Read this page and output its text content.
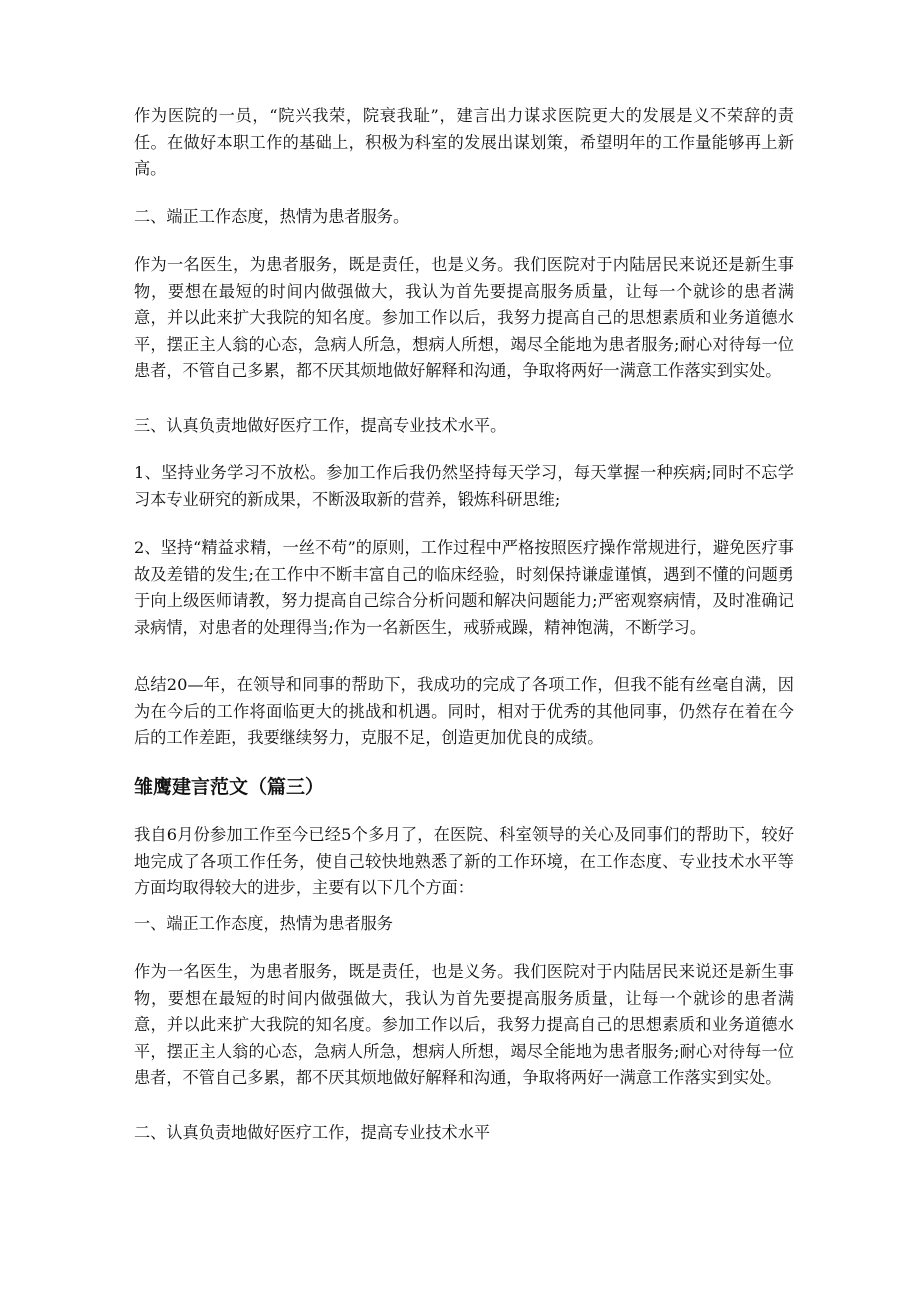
作为医院的一员，“院兴我荣，院衰我耻”，建言出力谋求医院更大的发展是义不荣辞的责任。在做好本职工作的基础上，积极为科室的发展出谋划策，希望明年的工作量能够再上新高。

二、端正工作态度，热情为患者服务。

作为一名医生，为患者服务，既是责任，也是义务。我们医院对于内陆居民来说还是新生事物，要想在最短的时间内做强做大，我认为首先要提高服务质量，让每一个就诊的患者满意，并以此来扩大我院的知名度。参加工作以后，我努力提高自己的思想素质和业务道德水平，摆正主人翁的心态，急病人所急，想病人所想，竭尽全能地为患者服务;耐心对待每一位患者，不管自己多累，都不厌其烦地做好解释和沟通，争取将两好一满意工作落实到实处。

三、认真负责地做好医疗工作，提高专业技术水平。

1、坚持业务学习不放松。参加工作后我仍然坚持每天学习，每天掌握一种疾病;同时不忘学习本专业研究的新成果，不断汲取新的营养，锻炼科研思维;

2、坚持“精益求精，一丝不苟”的原则，工作过程中严格按照医疗操作常规进行，避免医疗事故及差错的发生;在工作中不断丰富自己的临床经验，时刻保持谦虚谨慎，遇到不懂的问题勇于向上级医师请教，努力提高自己综合分析问题和解决问题能力;严密观察病情，及时准确记录病情，对患者的处理得当;作为一名新医生，戒骄戒躁，精神饱满，不断学习。

总结20—年，在领导和同事的帮助下，我成功的完成了各项工作，但我不能有丝毫自满，因为在今后的工作将面临更大的挑战和机遇。同时，相对于优秀的其他同事，仍然存在着在今后的工作差距，我要继续努力，克服不足，创造更加优良的成绩。

雏鹰建言范文（篇三）

我自6月份参加工作至今已经5个多月了，在医院、科室领导的关心及同事们的帮助下，较好地完成了各项工作任务，使自己较快地熟悉了新的工作环境，在工作态度、专业技术水平等方面均取得较大的进步，主要有以下几个方面：

一、端正工作态度，热情为患者服务

作为一名医生，为患者服务，既是责任，也是义务。我们医院对于内陆居民来说还是新生事物，要想在最短的时间内做强做大，我认为首先要提高服务质量，让每一个就诊的患者满意，并以此来扩大我院的知名度。参加工作以后，我努力提高自己的思想素质和业务道德水平，摆正主人翁的心态，急病人所急，想病人所想，竭尽全能地为患者服务;耐心对待每一位患者，不管自己多累，都不厌其烦地做好解释和沟通，争取将两好一满意工作落实到实处。

二、认真负责地做好医疗工作，提高专业技术水平
